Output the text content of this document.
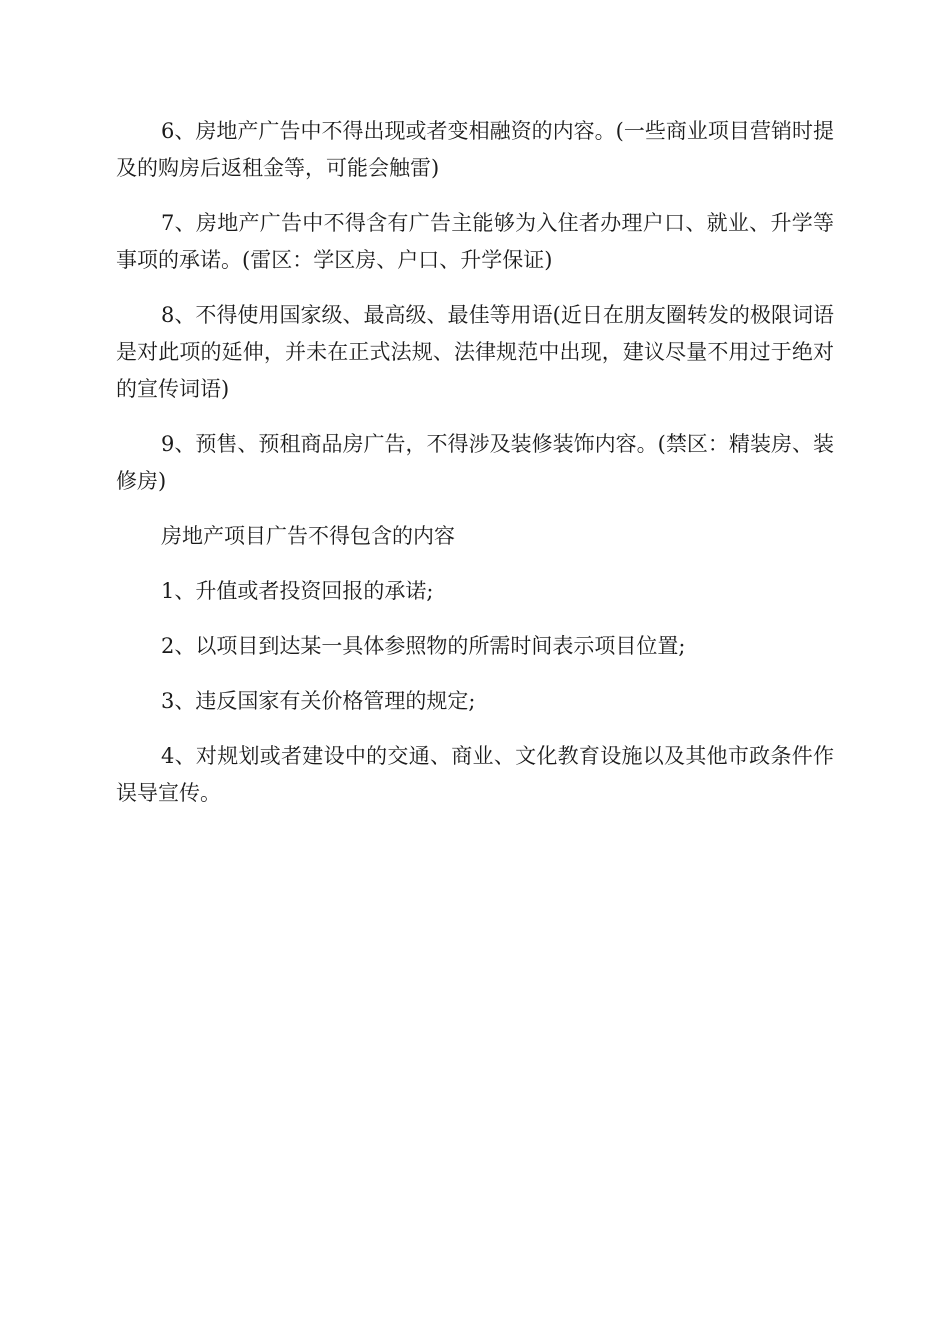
6、房地产广告中不得出现或者变相融资的内容。(一些商业项目营销时提及的购房后返租金等，可能会触雷)

7、房地产广告中不得含有广告主能够为入住者办理户口、就业、升学等事项的承诺。(雷区：学区房、户口、升学保证)

8、不得使用国家级、最高级、最佳等用语(近日在朋友圈转发的极限词语是对此项的延伸，并未在正式法规、法律规范中出现，建议尽量不用过于绝对的宣传词语)

9、预售、预租商品房广告，不得涉及装修装饰内容。(禁区：精装房、装修房)

房地产项目广告不得包含的内容

1、升值或者投资回报的承诺;

2、以项目到达某一具体参照物的所需时间表示项目位置;

3、违反国家有关价格管理的规定;

4、对规划或者建设中的交通、商业、文化教育设施以及其他市政条件作误导宣传。
